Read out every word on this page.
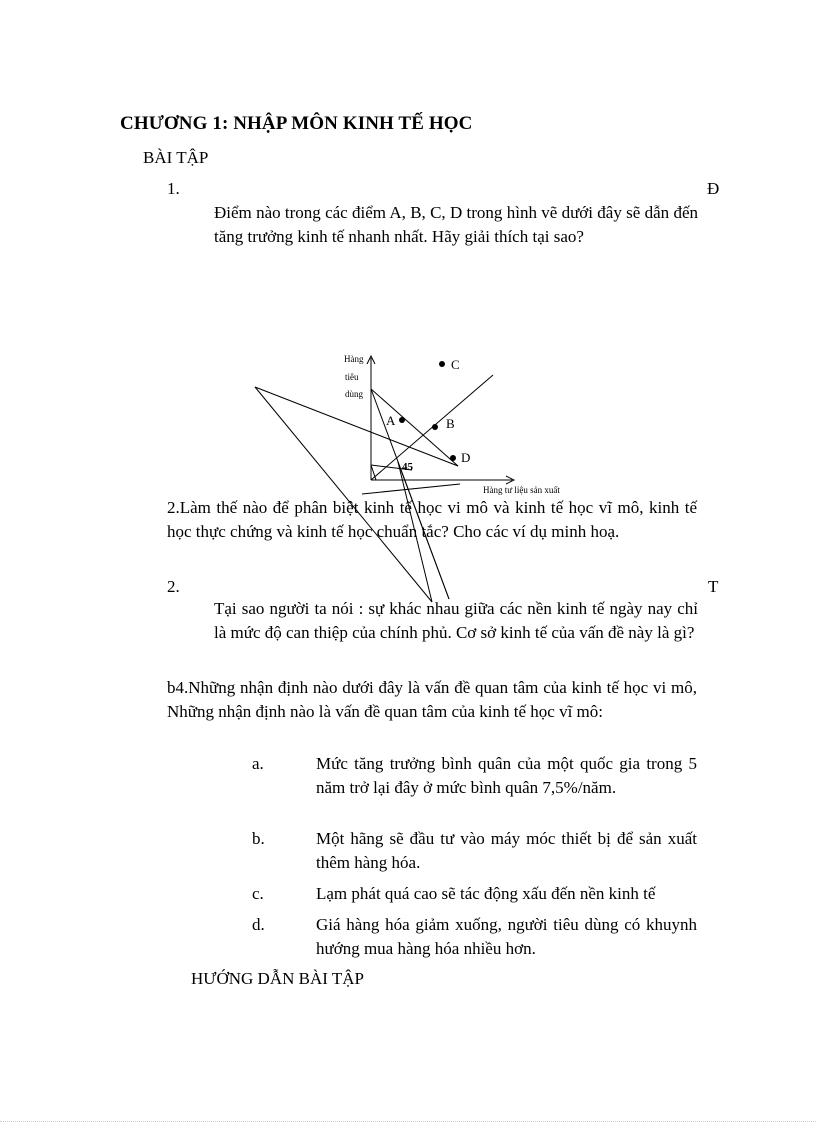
CHƯƠNG 1: NHẬP MÔN KINH TẾ HỌC
BÀI TẬP
1.	Đ
Điểm nào trong các điểm A, B, C, D trong hình vẽ dưới đây sẽ dẫn đến tăng trưởng kinh tế nhanh nhất. Hãy giải thích tại sao?
C
A	B
D
45
Hàng
tiêu
dùng
Hàng tư liệu sản xuất
2.Làm thế nào để phân biệt kinh tế học vi mô và kinh tế học vĩ mô, kinh tế học thực chứng và kinh tế học chuẩn tắc? Cho các ví dụ minh hoạ.
2.	T
Tại sao người ta nói : sự khác nhau giữa các nền kinh tế ngày nay chỉ là mức độ can thiệp của chính phủ. Cơ sở kinh tế của vấn đề này là gì?
b4.Những nhận định nào dưới đây là vấn đề quan tâm của kinh tế học vi mô, Những nhận định nào là vấn đề quan tâm của kinh tế học vĩ mô:
a.	Mức tăng trưởng bình quân của một quốc gia trong 5 năm trở lại đây ở mức bình quân 7,5%/năm.
b.	Một hãng sẽ đầu tư vào máy móc thiết bị để sản xuất thêm hàng hóa.
c.	Lạm phát quá cao sẽ tác động xấu đến nền kinh tế
d.	Giá hàng hóa giảm xuống, người tiêu dùng có khuynh hướng mua hàng hóa nhiều hơn.
HƯỚNG DẪN BÀI TẬP
